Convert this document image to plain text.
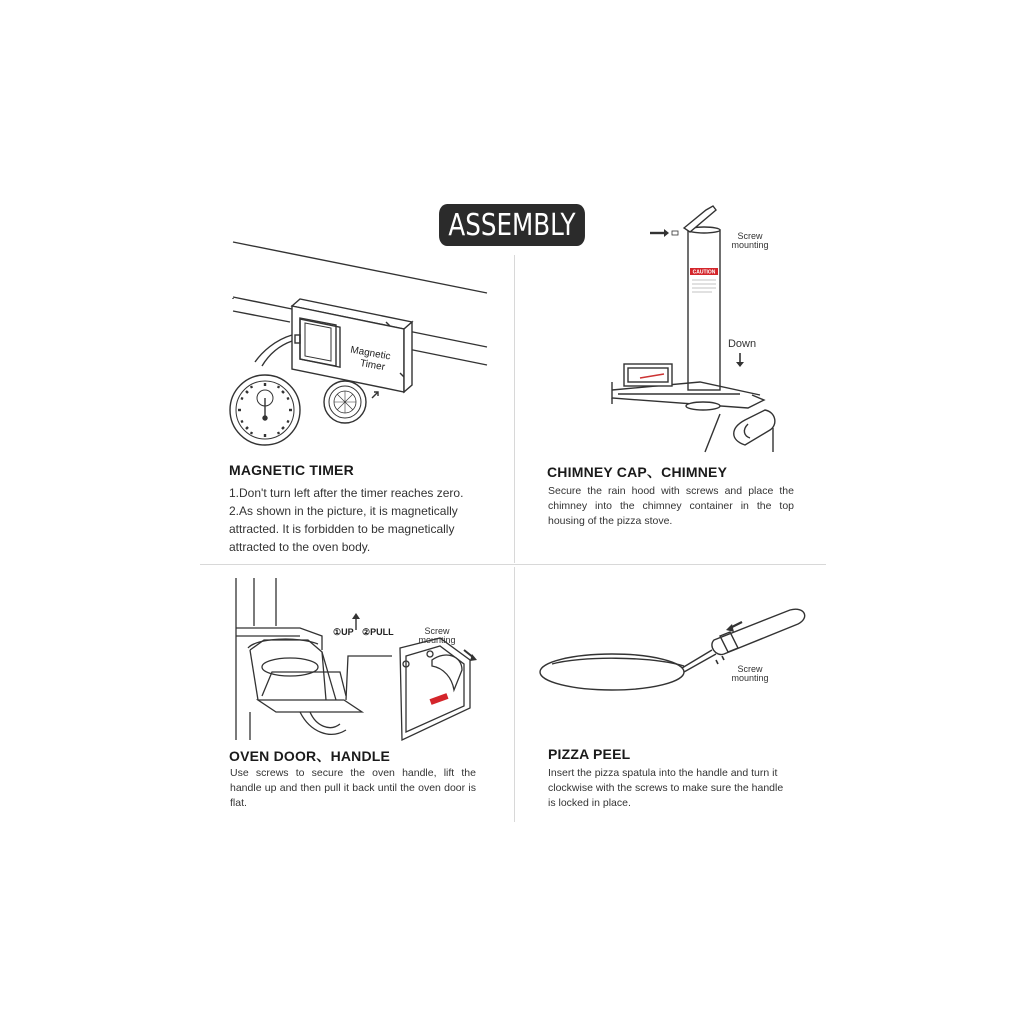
ASSEMBLY
Magnetic
Timer
MAGNETIC TIMER
1.Don't turn left after the timer reaches zero.
2.As shown in the picture, it is magnetically
attracted. It is forbidden to be magnetically
attracted to the oven body.
CAUTION
Screw
mounting
Down
CHIMNEY CAP、CHIMNEY
Secure the rain hood with screws and place the chimney into the chimney container in the top housing of the pizza stove.
①UP ②PULL	Screw
mounting
OVEN DOOR、HANDLE
Use screws to secure the oven handle, lift the handle up and then pull it back until the oven door is flat.
Screw
mounting
PIZZA PEEL
Insert the pizza spatula into the handle and turn it
clockwise with the screws to make sure the handle
is locked in place.
